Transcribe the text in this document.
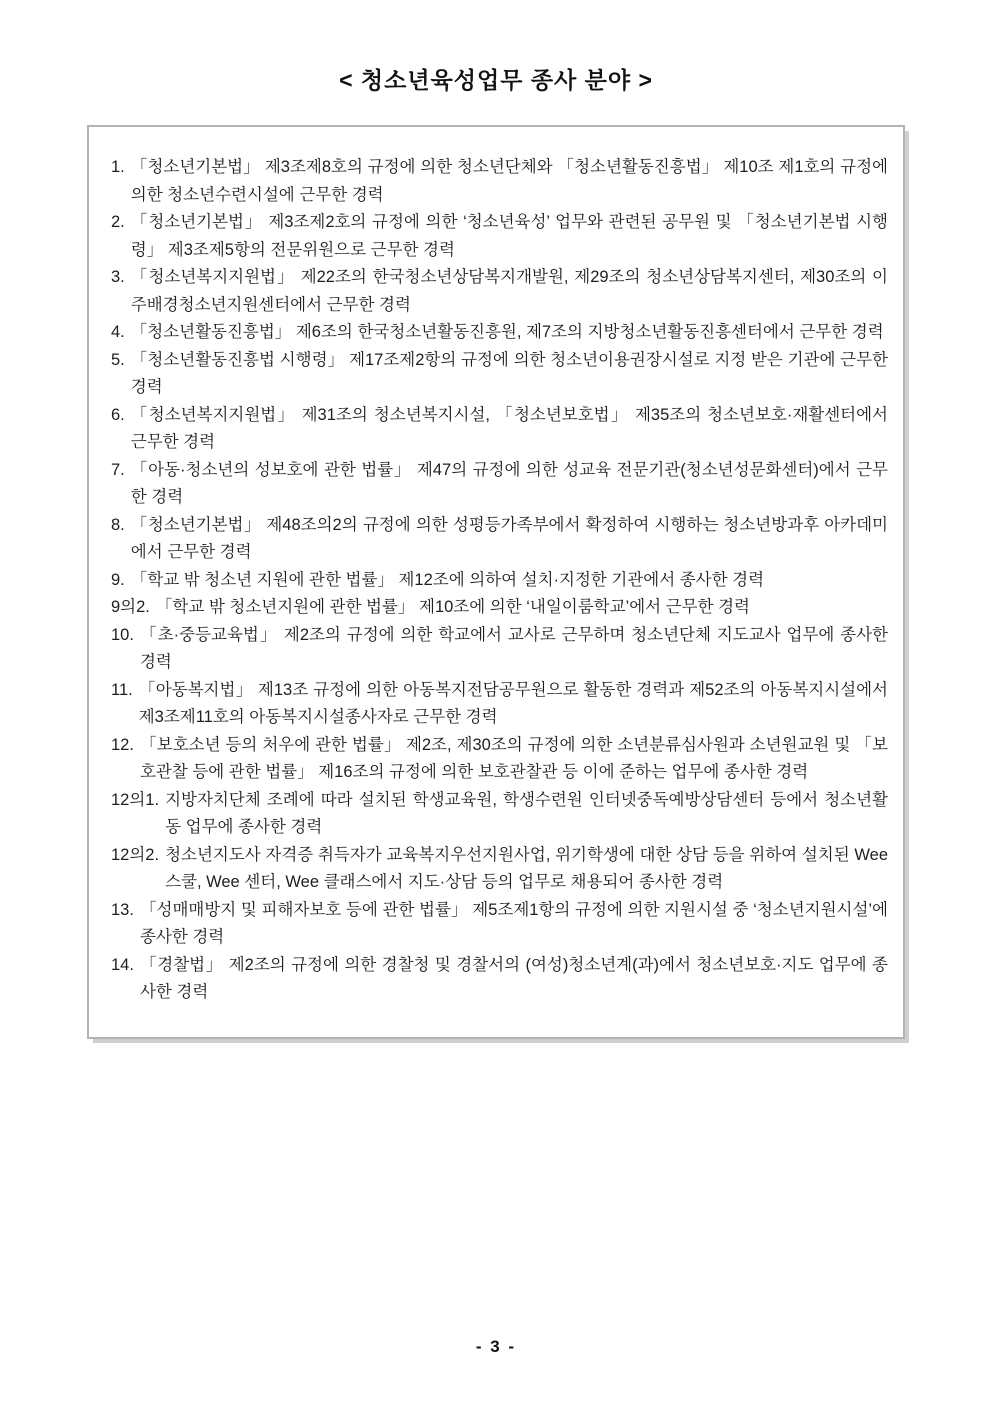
< 청소년육성업무 종사 분야 >
1. 「청소년기본법」 제3조제8호의 규정에 의한 청소년단체와 「청소년활동진흥법」 제10조 제1호의 규정에 의한 청소년수련시설에 근무한 경력
2. 「청소년기본법」 제3조제2호의 규정에 의한 ‘청소년육성’ 업무와 관련된 공무원 및 「청소년기본법 시행령」 제3조제5항의 전문위원으로 근무한 경력
3. 「청소년복지지원법」 제22조의 한국청소년상담복지개발원, 제29조의 청소년상담복지센터, 제30조의 이주배경청소년지원센터에서 근무한 경력
4. 「청소년활동진흥법」 제6조의 한국청소년활동진흥원, 제7조의 지방청소년활동진흥센터에서 근무한 경력
5. 「청소년활동진흥법 시행령」 제17조제2항의 규정에 의한 청소년이용권장시설로 지정 받은 기관에 근무한 경력
6. 「청소년복지지원법」 제31조의 청소년복지시설, 「청소년보호법」 제35조의 청소년보호·재활센터에서 근무한 경력
7. 「아동·청소년의 성보호에 관한 법률」 제47의 규정에 의한 성교육 전문기관(청소년성문화센터)에서 근무한 경력
8. 「청소년기본법」 제48조의2의 규정에 의한 성평등가족부에서 확정하여 시행하는 청소년방과후 아카데미에서 근무한 경력
9. 「학교 밖 청소년 지원에 관한 법률」 제12조에 의하여 설치·지정한 기관에서 종사한 경력
9의2. 「학교 밖 청소년지원에 관한 법률」 제10조에 의한 ‘내일이룸학교’에서 근무한 경력
10. 「초·중등교육법」 제2조의 규정에 의한 학교에서 교사로 근무하며 청소년단체 지도교사 업무에 종사한 경력
11. 「아동복지법」 제13조 규정에 의한 아동복지전담공무원으로 활동한 경력과 제52조의 아동복지시설에서 제3조제11호의 아동복지시설종사자로 근무한 경력
12. 「보호소년 등의 처우에 관한 법률」 제2조, 제30조의 규정에 의한 소년분류심사원과 소년원교원 및 「보호관찰 등에 관한 법률」 제16조의 규정에 의한 보호관찰관 등 이에 준하는 업무에 종사한 경력
12의1. 지방자치단체 조례에 따라 설치된 학생교육원, 학생수련원 인터넷중독예방상담센터 등에서 청소년활동 업무에 종사한 경력
12의2. 청소년지도사 자격증 취득자가 교육복지우선지원사업, 위기학생에 대한 상담 등을 위하여 설치된 Wee 스쿨, Wee 센터, Wee 클래스에서 지도·상담 등의 업무로 채용되어 종사한 경력
13. 「성매매방지 및 피해자보호 등에 관한 법률」 제5조제1항의 규정에 의한 지원시설 중 ‘청소년지원시설’에 종사한 경력
14. 「경찰법」 제2조의 규정에 의한 경찰청 및 경찰서의 (여성)청소년계(과)에서 청소년보호·지도 업무에 종사한 경력
- 3 -
